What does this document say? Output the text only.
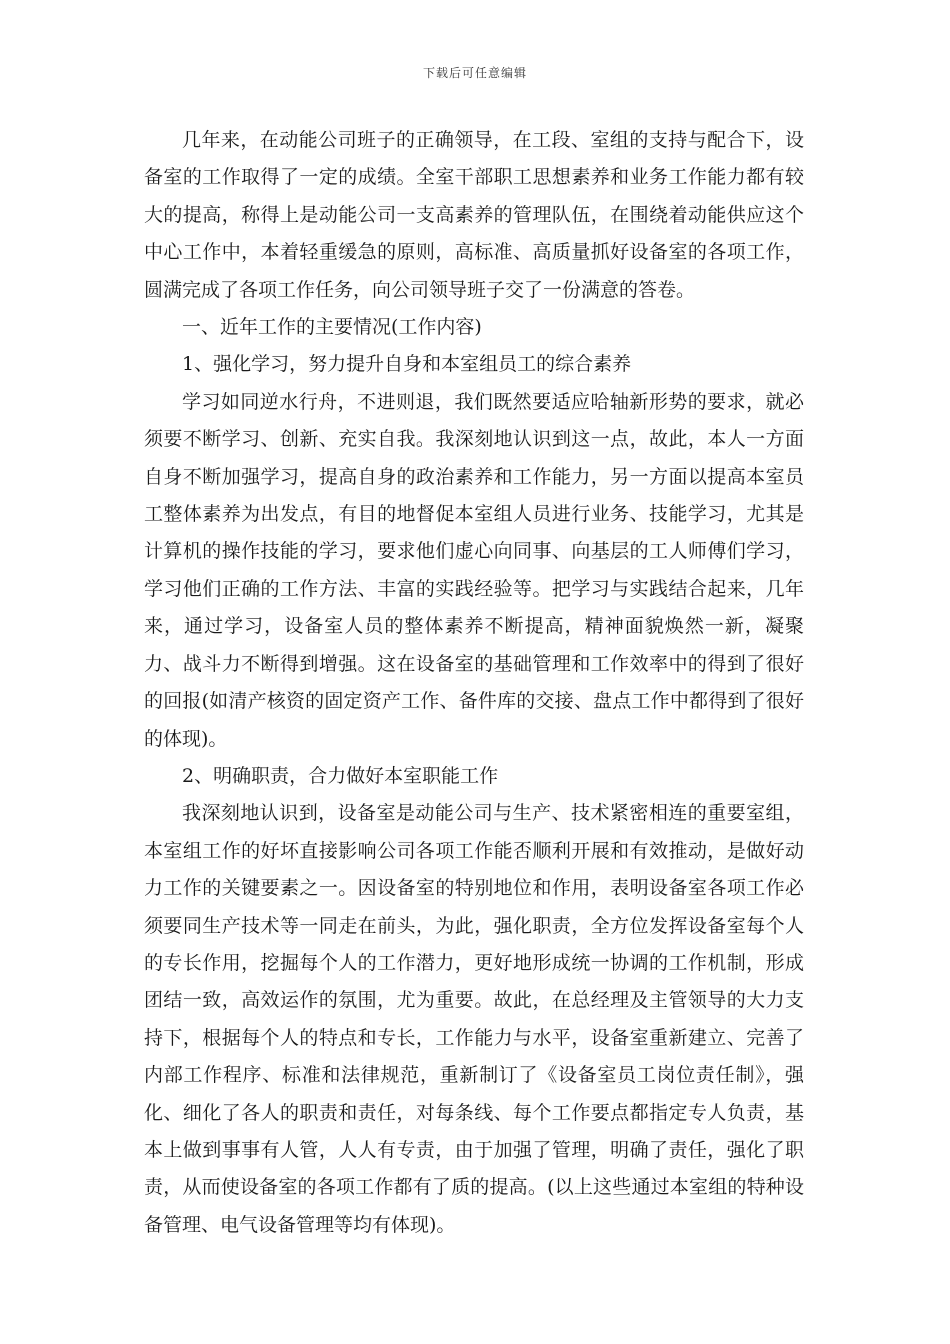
下载后可任意编辑

几年来，在动能公司班子的正确领导，在工段、室组的支持与配合下，设备室的工作取得了一定的成绩。全室干部职工思想素养和业务工作能力都有较大的提高，称得上是动能公司一支高素养的管理队伍，在围绕着动能供应这个中心工作中，本着轻重缓急的原则，高标准、高质量抓好设备室的各项工作，圆满完成了各项工作任务，向公司领导班子交了一份满意的答卷。

一、近年工作的主要情况(工作内容)

1、强化学习，努力提升自身和本室组员工的综合素养

学习如同逆水行舟，不进则退，我们既然要适应哈轴新形势的要求，就必须要不断学习、创新、充实自我。我深刻地认识到这一点，故此，本人一方面自身不断加强学习，提高自身的政治素养和工作能力，另一方面以提高本室员工整体素养为出发点，有目的地督促本室组人员进行业务、技能学习，尤其是计算机的操作技能的学习，要求他们虚心向同事、向基层的工人师傅们学习，学习他们正确的工作方法、丰富的实践经验等。把学习与实践结合起来，几年来，通过学习，设备室人员的整体素养不断提高，精神面貌焕然一新，凝聚力、战斗力不断得到增强。这在设备室的基础管理和工作效率中的得到了很好的回报(如清产核资的固定资产工作、备件库的交接、盘点工作中都得到了很好的体现)。

2、明确职责，合力做好本室职能工作

我深刻地认识到，设备室是动能公司与生产、技术紧密相连的重要室组，本室组工作的好坏直接影响公司各项工作能否顺利开展和有效推动，是做好动力工作的关键要素之一。因设备室的特别地位和作用，表明设备室各项工作必须要同生产技术等一同走在前头，为此，强化职责，全方位发挥设备室每个人的专长作用，挖掘每个人的工作潜力，更好地形成统一协调的工作机制，形成团结一致，高效运作的氛围，尤为重要。故此，在总经理及主管领导的大力支持下，根据每个人的特点和专长，工作能力与水平，设备室重新建立、完善了内部工作程序、标准和法律规范，重新制订了《设备室员工岗位责任制》，强化、细化了各人的职责和责任，对每条线、每个工作要点都指定专人负责，基本上做到事事有人管，人人有专责，由于加强了管理，明确了责任，强化了职责，从而使设备室的各项工作都有了质的提高。(以上这些通过本室组的特种设备管理、电气设备管理等均有体现)。
